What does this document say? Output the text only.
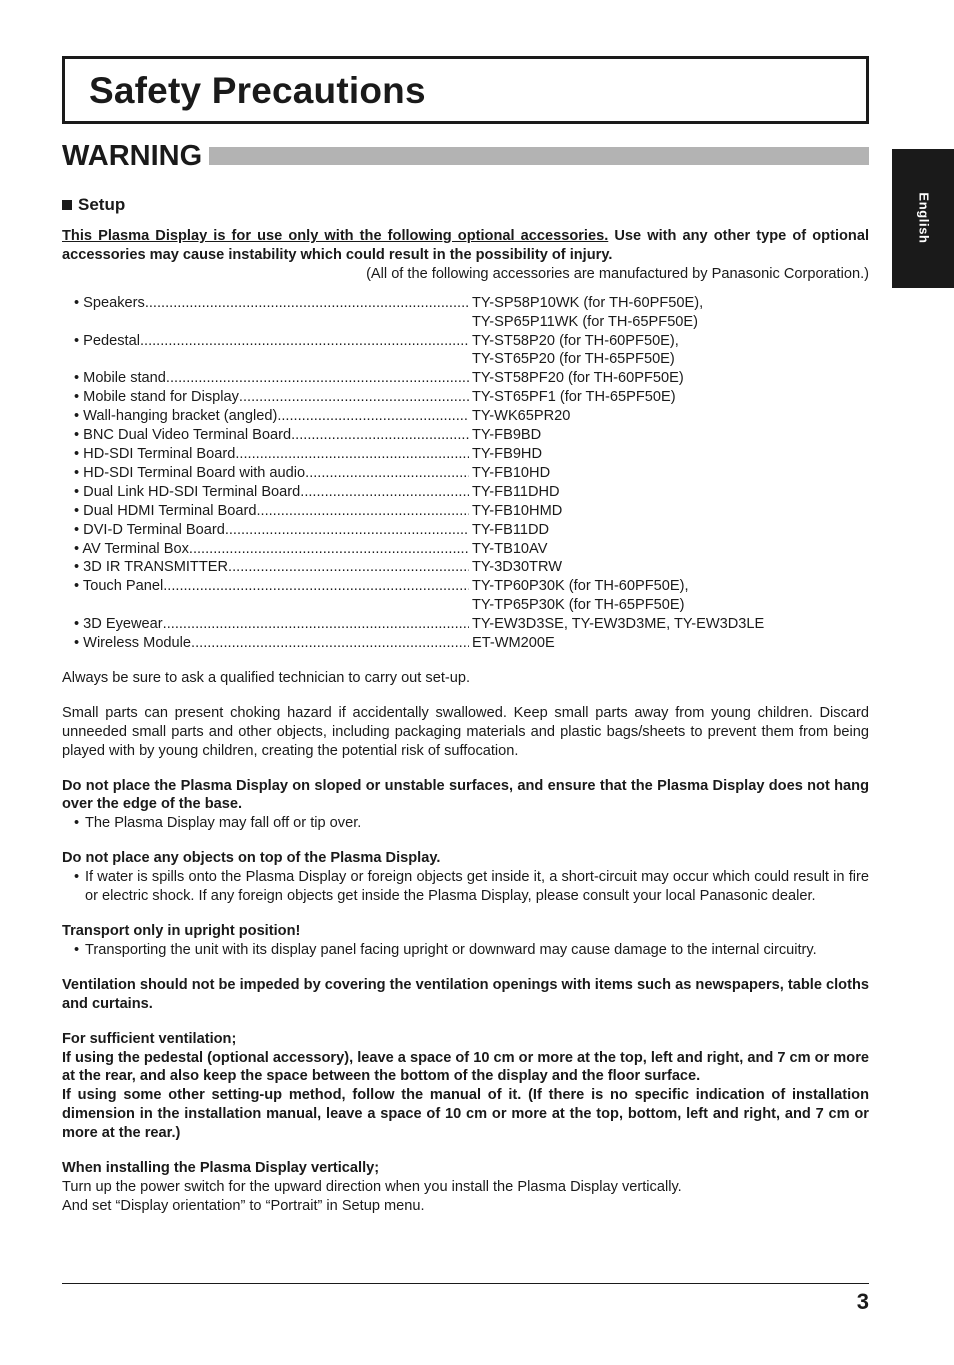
Safety Precautions
WARNING
English
Setup

This Plasma Display is for use only with the following optional accessories. Use with any other type of optional accessories may cause instability which could result in the possibility of injury.

(All of the following accessories are manufactured by Panasonic Corporation.)

• Speakers .....	TY-SP58P10WK (for TH-60PF50E),
TY-SP65P11WK (for TH-65PF50E)
• Pedestal .....	TY-ST58P20 (for TH-60PF50E),
TY-ST65P20 (for TH-65PF50E)
• Mobile stand .....	TY-ST58PF20 (for TH-60PF50E)
• Mobile stand for Display .....	TY-ST65PF1 (for TH-65PF50E)
• Wall-hanging bracket (angled) .....	TY-WK65PR20
• BNC Dual Video Terminal Board .....	TY-FB9BD
• HD-SDI Terminal Board .....	TY-FB9HD
• HD-SDI Terminal Board with audio .....	TY-FB10HD
• Dual Link HD-SDI Terminal Board .....	TY-FB11DHD
• Dual HDMI Terminal Board .....	TY-FB10HMD
• DVI-D Terminal Board .....	TY-FB11DD
• AV Terminal Box .....	TY-TB10AV
• 3D IR TRANSMITTER .....	TY-3D30TRW
• Touch Panel .....	TY-TP60P30K (for TH-60PF50E),
TY-TP65P30K (for TH-65PF50E)
• 3D Eyewear .....	TY-EW3D3SE, TY-EW3D3ME, TY-EW3D3LE
• Wireless Module .....	ET-WM200E

Always be sure to ask a qualified technician to carry out set-up.

Small parts can present choking hazard if accidentally swallowed. Keep small parts away from young children. Discard unneeded small parts and other objects, including packaging materials and plastic bags/sheets to prevent them from being played with by young children, creating the potential risk of suffocation.

Do not place the Plasma Display on sloped or unstable surfaces, and ensure that the Plasma Display does not hang over the edge of the base.

• The Plasma Display may fall off or tip over.

Do not place any objects on top of the Plasma Display.

• If water is spills onto the Plasma Display or foreign objects get inside it, a short-circuit may occur which could result in fire or electric shock. If any foreign objects get inside the Plasma Display, please consult your local Panasonic dealer.

Transport only in upright position!

• Transporting the unit with its display panel facing upright or downward may cause damage to the internal circuitry.

Ventilation should not be impeded by covering the ventilation openings with items such as newspapers, table cloths and curtains.

For sufficient ventilation;

If using the pedestal (optional accessory), leave a space of 10 cm or more at the top, left and right, and 7 cm or more at the rear, and also keep the space between the bottom of the display and the floor surface.

If using some other setting-up method, follow the manual of it. (If there is no specific indication of installation dimension in the installation manual, leave a space of 10 cm or more at the top, bottom, left and right, and 7 cm or more at the rear.)

When installing the Plasma Display vertically;

Turn up the power switch for the upward direction when you install the Plasma Display vertically.

And set “Display orientation” to “Portrait” in Setup menu.

3
